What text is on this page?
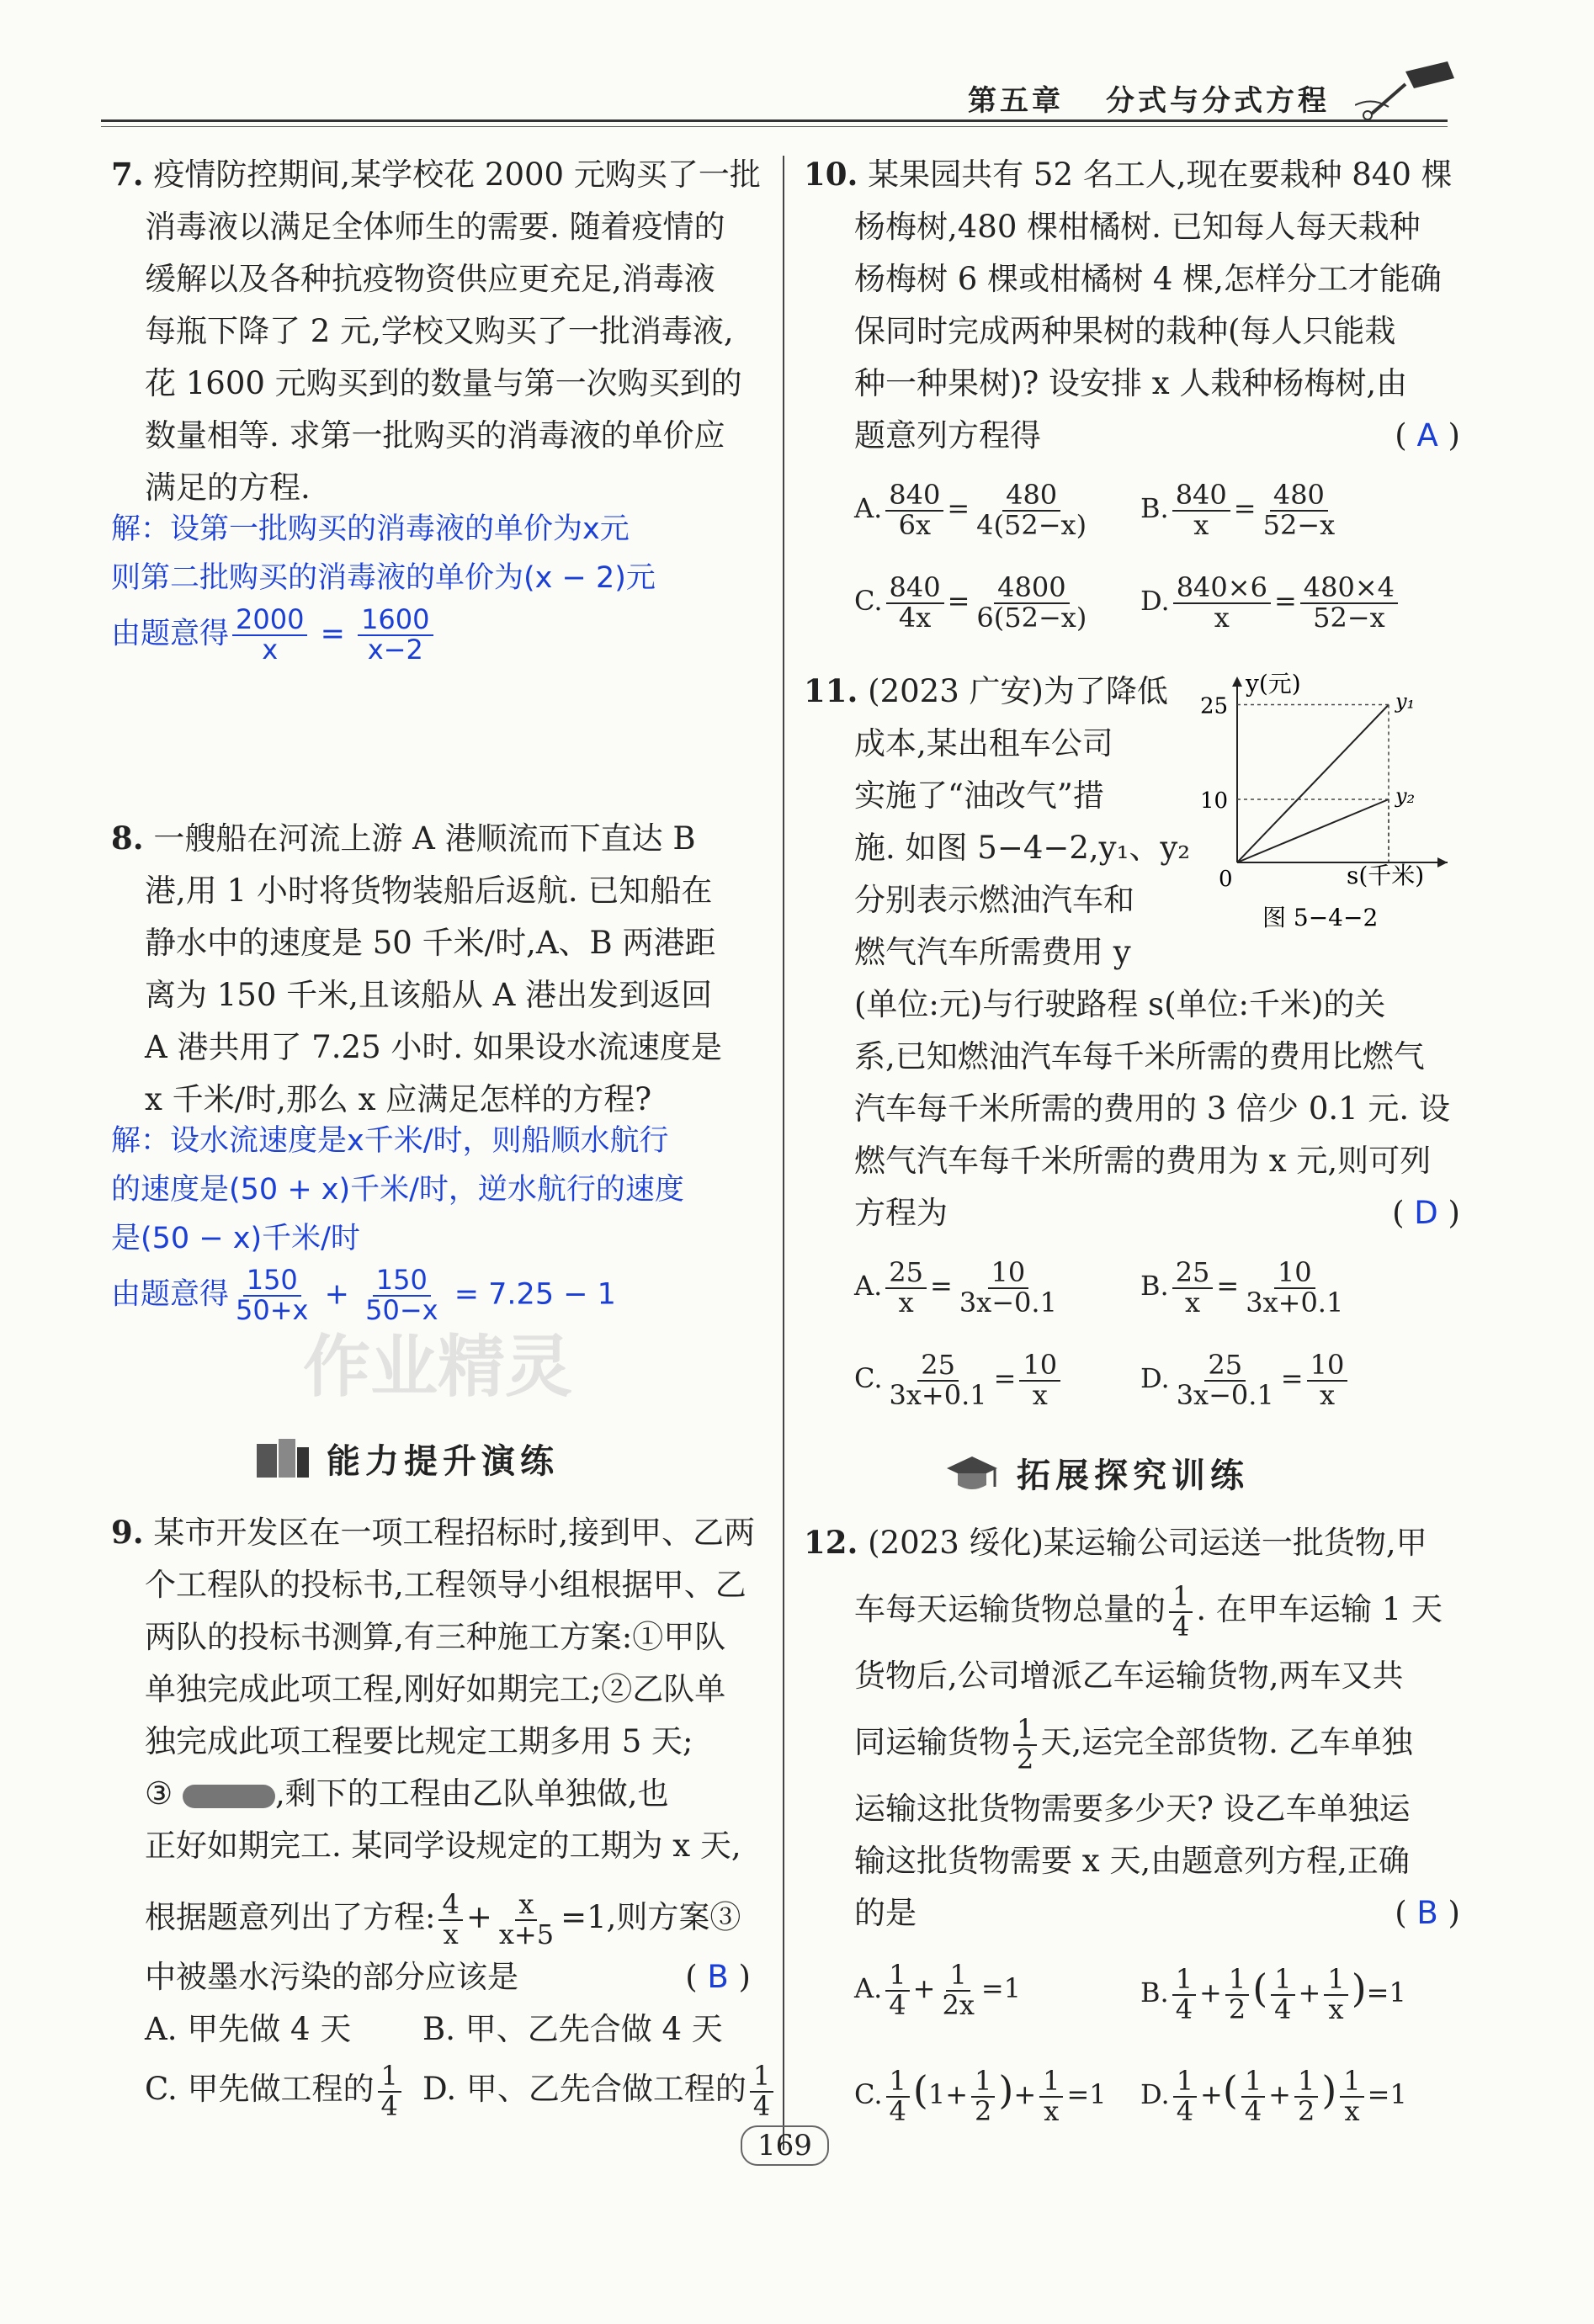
第五章 分式与分式方程
7. 疫情防控期间,某学校花 2000 元购买了一批
消毒液以满足全体师生的需要. 随着疫情的
缓解以及各种抗疫物资供应更充足,消毒液
每瓶下降了 2 元,学校又购买了一批消毒液,
花 1600 元购买到的数量与第一次购买到的
数量相等. 求第一批购买的消毒液的单价应
满足的方程.
解：设第一批购买的消毒液的单价为x元
则第二批购买的消毒液的单价为(x − 2)元
由题意得 $\frac{2000}{x} = \frac{1600}{x-2}$
8. 一艘船在河流上游 A 港顺流而下直达 B
港,用 1 小时将货物装船后返航. 已知船在
静水中的速度是 50 千米/时,A、B 两港距
离为 150 千米,且该船从 A 港出发到返回
A 港共用了 7.25 小时. 如果设水流速度是
x 千米/时,那么 x 应满足怎样的方程?
解：设水流速度是x千米/时，则船顺水航行
的速度是(50 + x)千米/时，逆水航行的速度
是(50 − x)千米/时
由题意得 $\frac{150}{50+x} + \frac{150}{50-x} = 7.25 - 1$
作业精灵
能力提升演练
9. 某市开发区在一项工程招标时,接到甲、乙两
个工程队的投标书,工程领导小组根据甲、乙
两队的投标书测算,有三种施工方案:①甲队
单独完成此项工程,刚好如期完工;②乙队单
独完成此项工程要比规定工期多用 5 天;
③	,剩下的工程由乙队单独做,也
正好如期完工. 某同学设规定的工期为 x 天,
根据题意列出了方程: $\frac{4}{x} + \frac{x}{x+5} =1$,则方案③
中被墨水污染的部分应该是	( B )
A. 甲先做 4 天	B. 甲、乙先合做 4 天
C. 甲先做工程的 $\frac{1}{4} D$. 甲、乙先合做工程的 $\frac{1}{4}$
10. 某果园共有 52 名工人,现在要栽种 840 棵
杨梅树,480 棵柑橘树. 已知每人每天栽种
杨梅树 6 棵或柑橘树 4 棵,怎样分工才能确
保同时完成两种果树的栽种(每人只能栽
种一种果树)? 设安排 x 人栽种杨梅树,由
题意列方程得	( A )
A. $\frac{840}{6x} = \frac{480}{4(52-x)} B$. $\frac{840}{x} = \frac{480}{52-x}$
C. $\frac{840}{4x} = \frac{4800}{6(52-x)} D$. $\frac{840\times 6}{x} = \frac{480\times 4}{52-x}$
11. (2023 广安)为了降低
成本,某出租车公司
实施了“油改气”措
施. 如图 5−4−2,y₁、y₂
分别表示燃油汽车和
燃气汽车所需费用 y
(单位:元)与行驶路程 s(单位:千米)的关
系,已知燃油汽车每千米所需的费用比燃气
汽车每千米所需的费用的 3 倍少 0.1 元. 设
燃气汽车每千米所需的费用为 x 元,则可列
方程为	( D )
A. $\frac{25}{x} = \frac{10}{3x-0.1}$	B. $\frac{25}{x} = \frac{10}{3x+0.1}$
C. $\frac{25}{3x+0.1} = \frac{10}{x}$	D. $\frac{25}{3x-0.1} = \frac{10}{x}$
y(元)
s(千米)
图 5−4−2
0
25	y₁
10	y₂
拓展探究训练
12. (2023 绥化)某运输公司运送一批货物,甲
车每天运输货物总量的 $\frac{1}{4}$ . 在甲车运输 1 天
货物后,公司增派乙车运输货物,两车又共
同运输货物 $\frac{1}{2}$ 天,运完全部货物. 乙车单独
运输这批货物需要多少天? 设乙车单独运
输这批货物需要 x 天,由题意列方程,正确
的是	( B )
A. $\frac{1}{4} + \frac{1}{2x} =1$	B. $\frac{1}{4} + \frac{1}{2}$ ( $\frac{1}{4} + \frac{1}{x} )=1$
C. $\frac{1}{4} (1+ \frac{1}{2}$ )+ $\frac{1}{x} =1$	D. $\frac{1}{4}$ +( $\frac{1}{4} + \frac{1}{2}$ ) $\frac{1}{x} =1$
169
